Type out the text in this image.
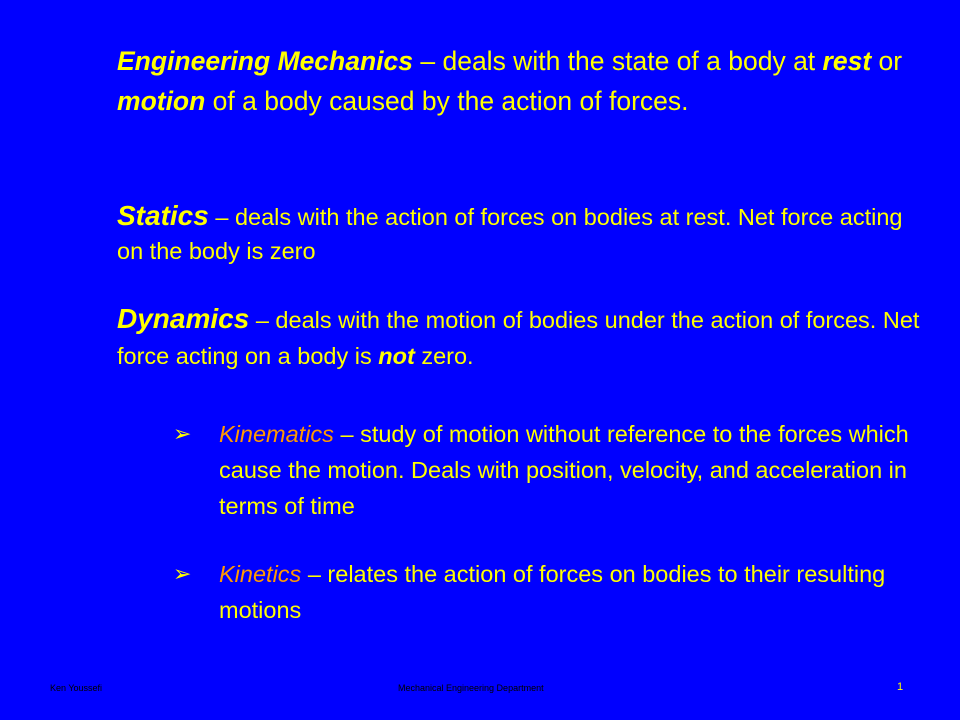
Engineering Mechanics – deals with the state of a body at rest or motion of a body caused by the action of forces.

Statics – deals with the action of forces on bodies at rest. Net force acting on the body is zero

Dynamics – deals with the motion of bodies under the action of forces. Net force acting on a body is not zero.

➢	Kinematics – study of motion without reference to the forces which cause the motion. Deals with position, velocity, and acceleration in terms of time
➢	Kinetics – relates the action of forces on bodies to their resulting motions
Ken Youssefi	Mechanical Engineering Department	1
